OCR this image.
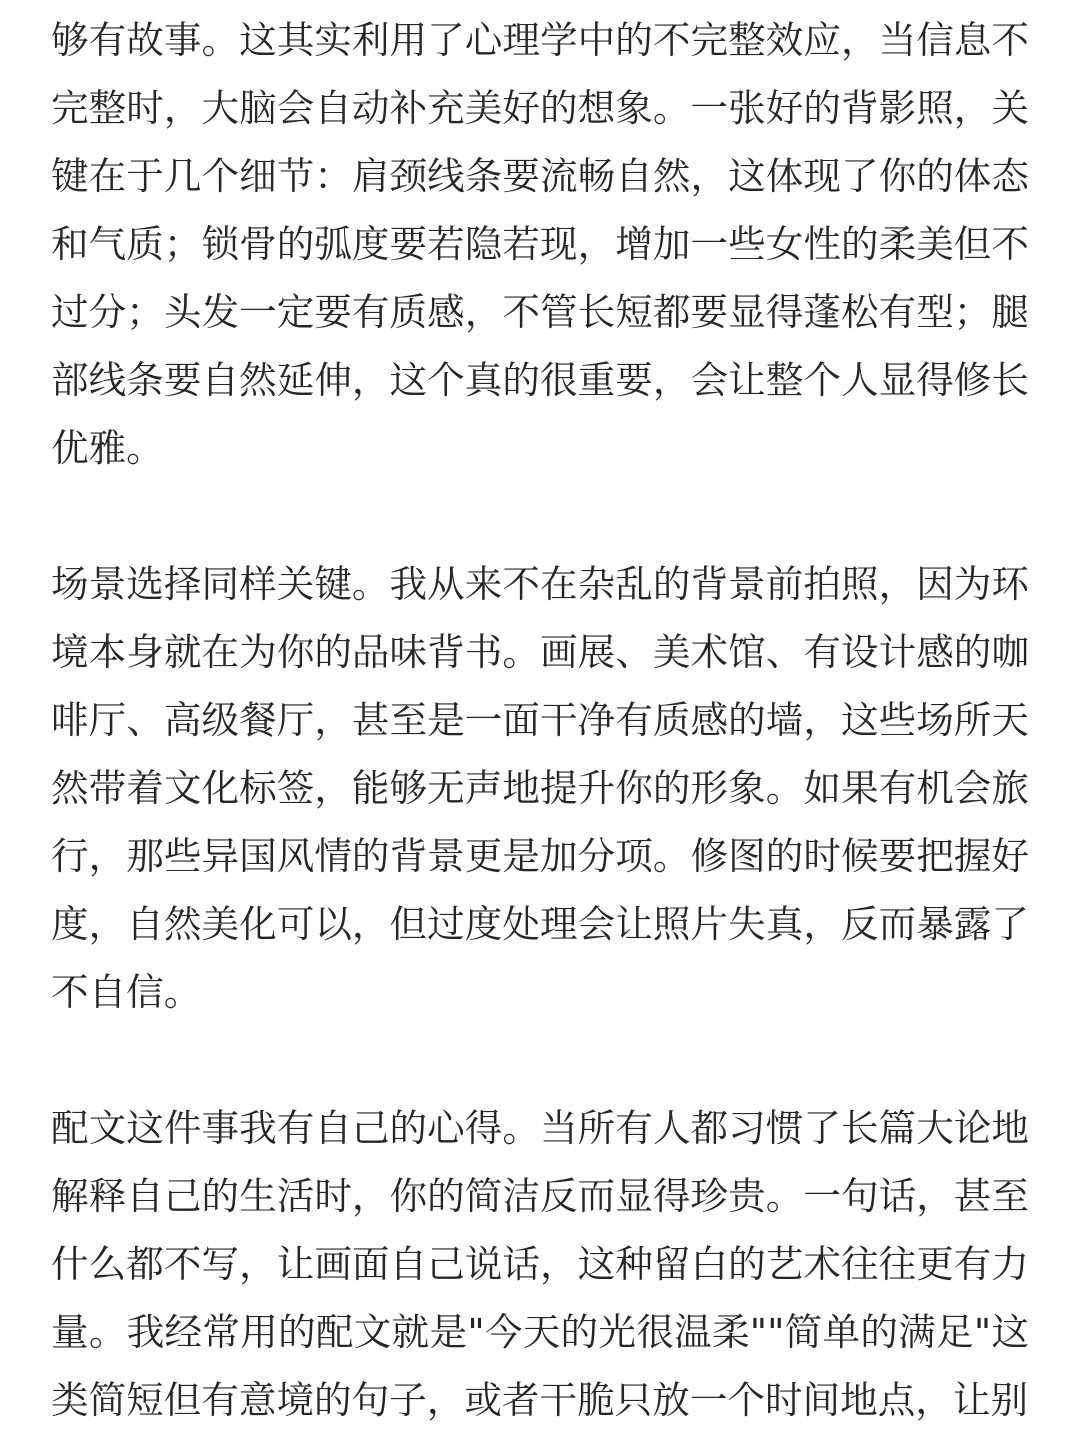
够有故事。这其实利用了心理学中的不完整效应，当信息不完整时，大脑会自动补充美好的想象。一张好的背影照，关键在于几个细节：肩颈线条要流畅自然，这体现了你的体态和气质；锁骨的弧度要若隐若现，增加一些女性的柔美但不过分；头发一定要有质感，不管长短都要显得蓬松有型；腿部线条要自然延伸，这个真的很重要，会让整个人显得修长优雅。

场景选择同样关键。我从来不在杂乱的背景前拍照，因为环境本身就在为你的品味背书。画展、美术馆、有设计感的咖啡厅、高级餐厅，甚至是一面干净有质感的墙，这些场所天然带着文化标签，能够无声地提升你的形象。如果有机会旅行，那些异国风情的背景更是加分项。修图的时候要把握好度，自然美化可以，但过度处理会让照片失真，反而暴露了不自信。

配文这件事我有自己的心得。当所有人都习惯了长篇大论地解释自己的生活时，你的简洁反而显得珍贵。一句话，甚至什么都不写，让画面自己说话，这种留白的艺术往往更有力量。我经常用的配文就是"今天的光很温柔""简单的满足"这类简短但有意境的句子，或者干脆只放一个时间地点，让别
